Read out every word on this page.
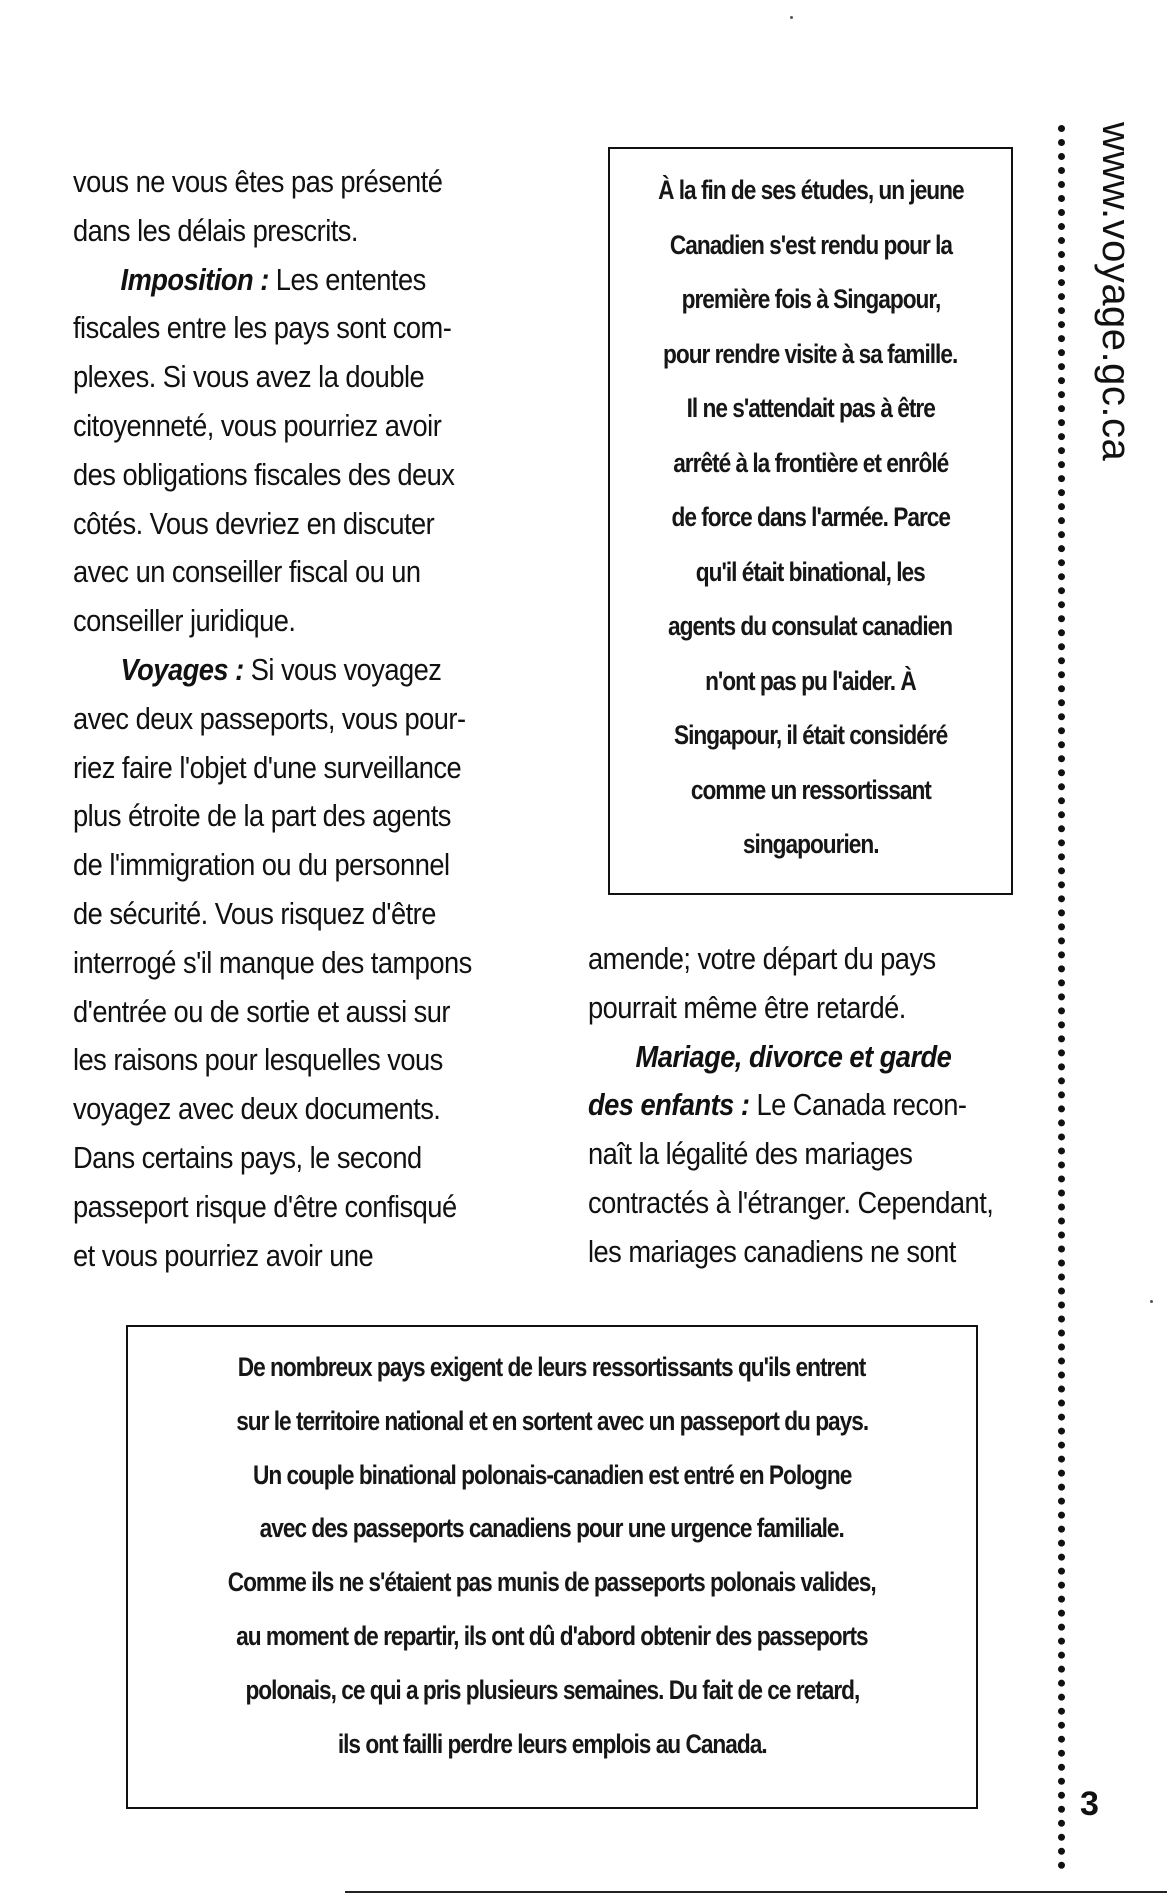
vous ne vous êtes pas présenté
dans les délais prescrits.
Imposition : Les ententes
fiscales entre les pays sont com-
plexes. Si vous avez la double
citoyenneté, vous pourriez avoir
des obligations fiscales des deux
côtés. Vous devriez en discuter
avec un conseiller fiscal ou un
conseiller juridique.
Voyages : Si vous voyagez
avec deux passeports, vous pour-
riez faire l'objet d'une surveillance
plus étroite de la part des agents
de l'immigration ou du personnel
de sécurité. Vous risquez d'être
interrogé s'il manque des tampons
d'entrée ou de sortie et aussi sur
les raisons pour lesquelles vous
voyagez avec deux documents.
Dans certains pays, le second
passeport risque d'être confisqué
et vous pourriez avoir une
À la fin de ses études, un jeune
Canadien s'est rendu pour la
première fois à Singapour,
pour rendre visite à sa famille.
Il ne s'attendait pas à être
arrêté à la frontière et enrôlé
de force dans l'armée. Parce
qu'il était binational, les
agents du consulat canadien
n'ont pas pu l'aider. À
Singapour, il était considéré
comme un ressortissant
singapourien.
amende; votre départ du pays
pourrait même être retardé.
Mariage, divorce et garde
des enfants : Le Canada recon-
naît la légalité des mariages
contractés à l'étranger. Cependant,
les mariages canadiens ne sont
De nombreux pays exigent de leurs ressortissants qu'ils entrent
sur le territoire national et en sortent avec un passeport du pays.
Un couple binational polonais-canadien est entré en Pologne
avec des passeports canadiens pour une urgence familiale.
Comme ils ne s'étaient pas munis de passeports polonais valides,
au moment de repartir, ils ont dû d'abord obtenir des passeports
polonais, ce qui a pris plusieurs semaines. Du fait de ce retard,
ils ont failli perdre leurs emplois au Canada.
www.voyage.gc.ca
3
